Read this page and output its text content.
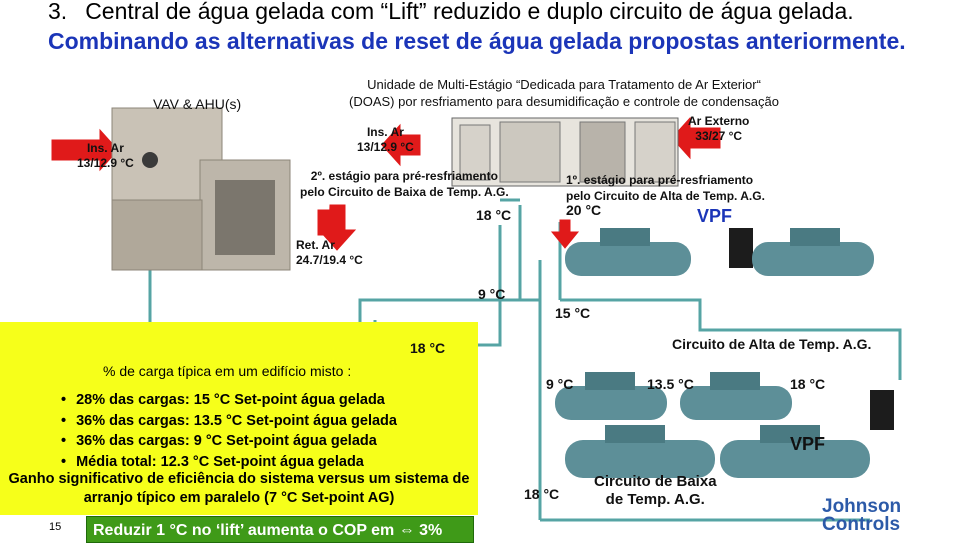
3. Central de água gelada com “Lift” reduzido e duplo circuito de água gelada.
Combinando as alternativas de reset de água gelada propostas anteriormente.
VAV & AHU(s)
Unidade de Multi-Estágio “Dedicada para Tratamento de Ar Exterior“
(DOAS) por resfriamento para desumidificação e controle de condensação
Ins. Ar
13/12.9 °C
Ins. Ar
13/12.9 °C
Ar Externo
33/27 °C
2º. estágio para pré-resfriamento
pelo Circuito de Baixa de Temp. A.G.
1º. estágio para pré-resfriamento
pelo Circuito de Alta de Temp. A.G.
18 °C	20 °C	VPF
Ret. Ar
24.7/19.4 °C
9 °C
15 °C
18 °C
% de carga típica em um edifício misto :
• 28% das cargas: 15 °C Set-point água gelada
• 36% das cargas: 13.5 °C Set-point água gelada
• 36% das cargas: 9 °C Set-point água gelada
• Média total: 12.3 °C Set-point água gelada
Ganho significativo de eficiência do sistema versus um sistema de arranjo típico em paralelo (7 °C Set-point AG)
Circuito de Alta de Temp. A.G.
9 °C	13.5 °C	18 °C
VPF
18 °C
Circuito de Baixa
de Temp. A.G.
15	Reduzir 1 °C no ‘lift’ aumenta o COP em ⇔ 3%
Johnson
Controls
